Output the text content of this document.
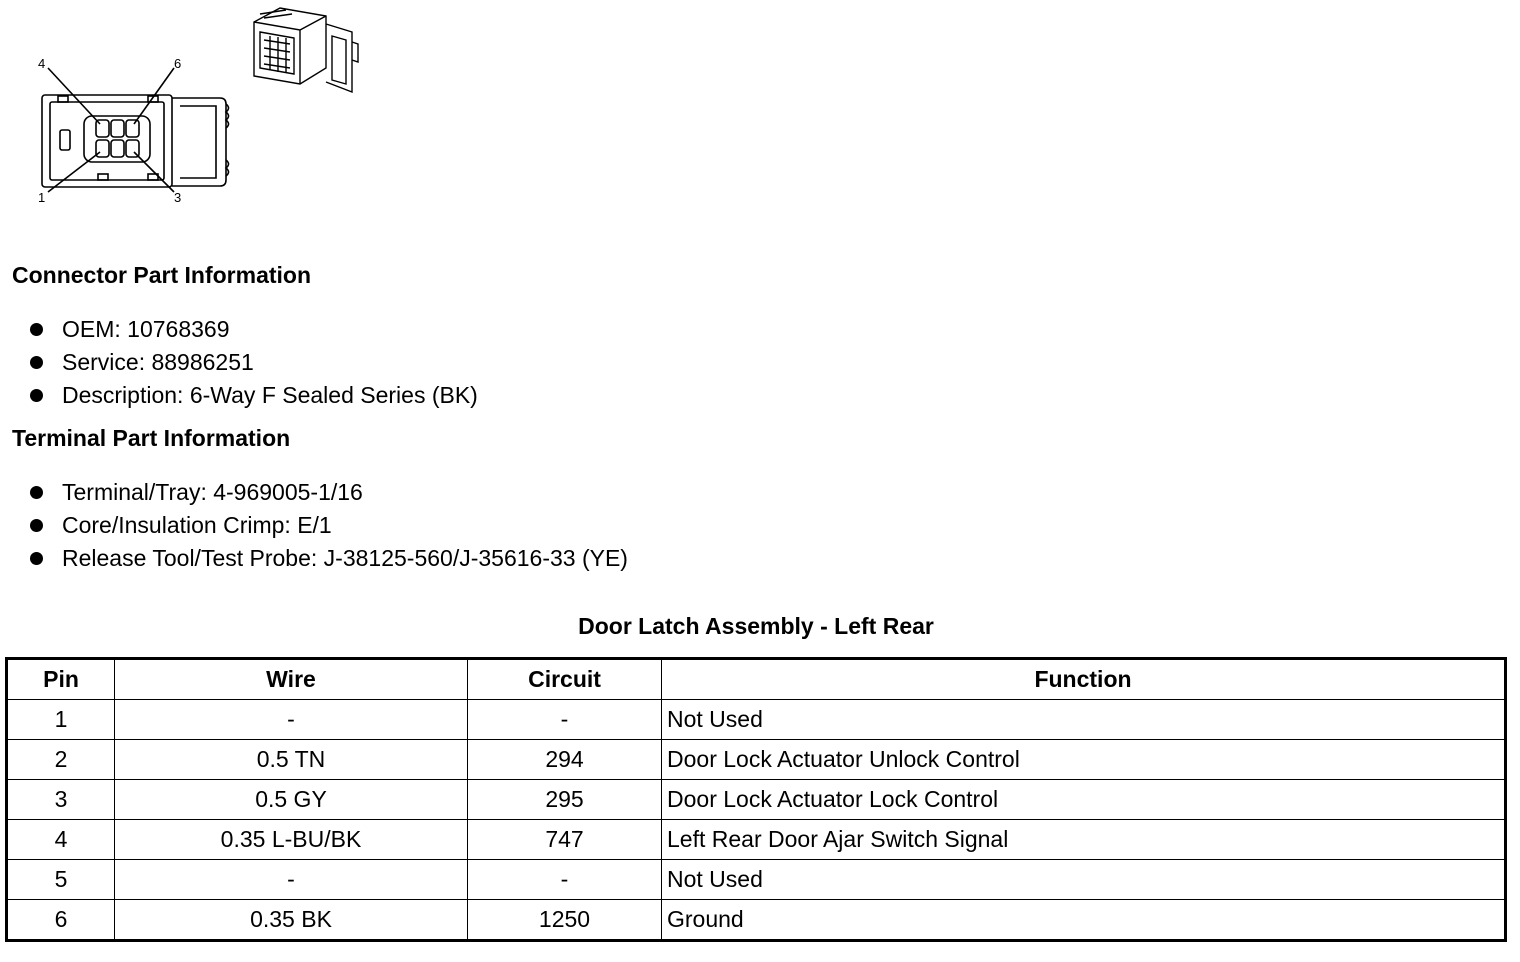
4	6
1	3
Connector Part Information
OEM: 10768369
Service: 88986251
Description: 6-Way F Sealed Series (BK)
Terminal Part Information
Terminal/Tray: 4-969005-1/16
Core/Insulation Crimp: E/1
Release Tool/Test Probe: J-38125-560/J-35616-33 (YE)
Door Latch Assembly - Left Rear
Pin	Wire	Circuit	Function
1	-	-	Not Used
2	0.5 TN	294	Door Lock Actuator Unlock Control
3	0.5 GY	295	Door Lock Actuator Lock Control
4	0.35 L-BU/BK	747	Left Rear Door Ajar Switch Signal
5	-	-	Not Used
6	0.35 BK	1250	Ground
